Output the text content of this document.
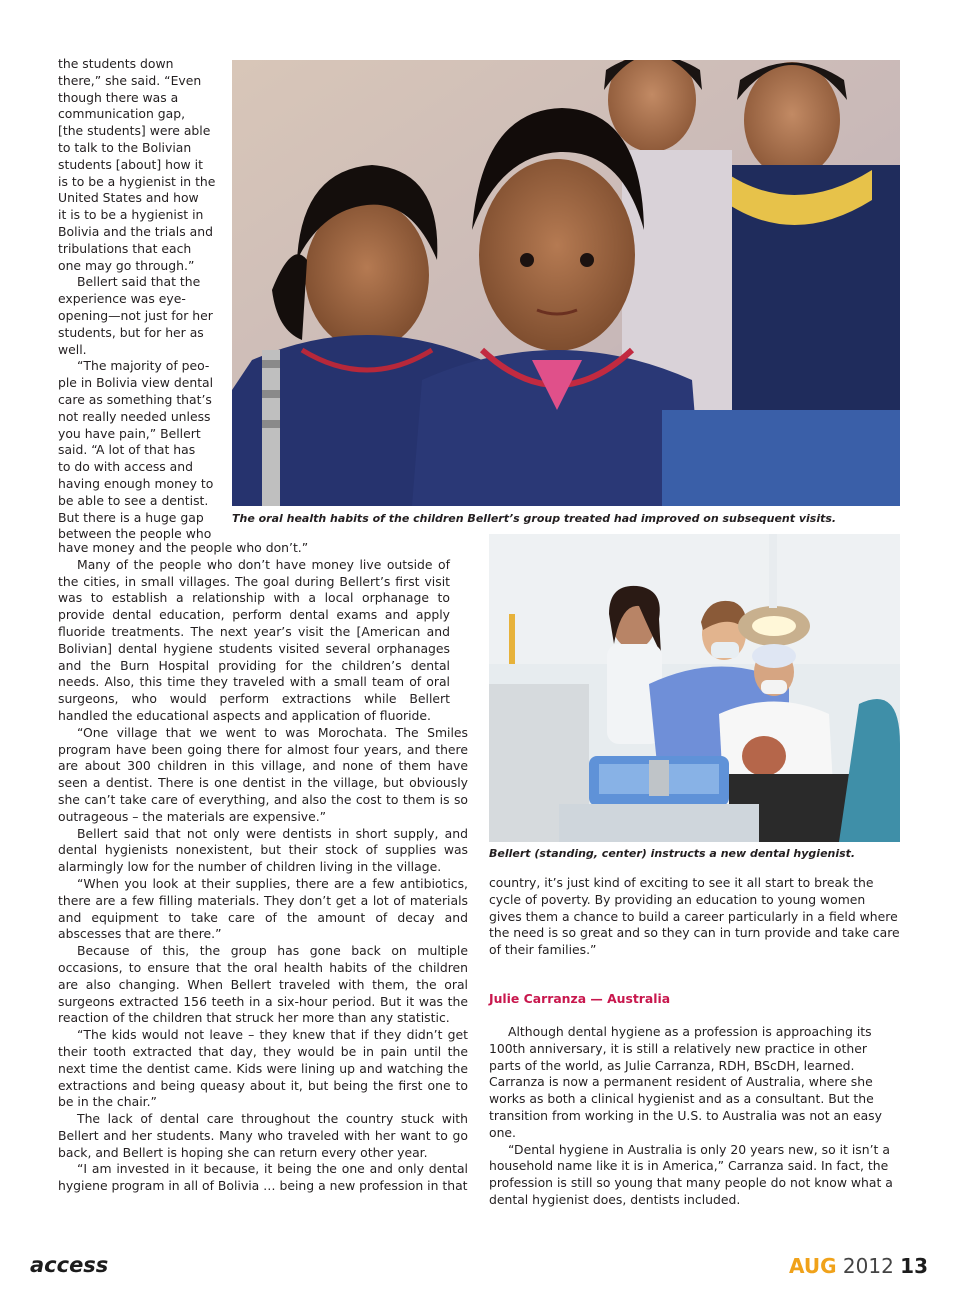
The oral health habits of the children Bellert’s group treated had improved on subsequent visits.
Bellert (standing, center) instructs a new dental hygienist.
the students down
there,” she said. “Even
though there was a
communication gap,
[the students] were able
to talk to the Bolivian
students [about] how it
is to be a hygienist in the
United States and how
it is to be a hygienist in
Bolivia and the trials and
tribulations that each
one may go through.”
Bellert said that the
experience was eye-
opening—not just for her
students, but for her as
well.
“The majority of peo-
ple in Bolivia view dental
care as something that’s
not really needed unless
you have pain,” Bellert
said. “A lot of that has
to do with access and
having enough money to
be able to see a dentist.
But there is a huge gap
between the people who

have money and the people who don’t.”

Many of the people who don’t have money live outside of the cities, in small villages. The goal during Bellert’s first visit was to establish a relationship with a local orphanage to provide dental education, perform dental exams and apply fluoride treatments. The next year’s visit the [American and Bolivian] dental hygiene students visited several orphanages and the Burn Hospital providing for the children’s dental needs. Also, this time they traveled with a small team of oral surgeons, who would perform extractions while Bellert handled the educational aspects and application of fluoride.

“One village that we went to was Morochata. The Smiles program have been going there for almost four years, and there are about 300 children in this village, and none of them have seen a dentist. There is one dentist in the village, but obviously she can’t take care of everything, and also the cost to them is so outrageous – the materials are expensive.”

Bellert said that not only were dentists in short supply, and dental hygienists nonexistent, but their stock of supplies was alarmingly low for the number of children living in the village.

“When you look at their supplies, there are a few antibiotics, there are a few filling materials. They don’t get a lot of materials and equipment to take care of the amount of decay and abscesses that are there.”

Because of this, the group has gone back on multiple occasions, to ensure that the oral health habits of the children are also changing. When Bellert traveled with them, the oral surgeons extracted 156 teeth in a six-hour period. But it was the reaction of the children that struck her more than any statistic.

“The kids would not leave – they knew that if they didn’t get their tooth extracted that day, they would be in pain until the next time the dentist came. Kids were lining up and watching the extractions and being queasy about it, but being the first one to be in the chair.”

The lack of dental care throughout the country stuck with Bellert and her students. Many who traveled with her want to go back, and Bellert is hoping she can return every other year.

“I am invested in it because, it being the one and only dental hygiene program in all of Bolivia … being a new profession in that

country, it’s just kind of exciting to see it all start to break the cycle of poverty. By providing an education to young women gives them a chance to build a career particularly in a field where the need is so great and so they can in turn provide and take care of their families.”

Julie Carranza — Australia

Although dental hygiene as a profession is approaching its 100th anniversary, it is still a relatively new practice in other parts of the world, as Julie Carranza, RDH, BScDH, learned. Carranza is now a permanent resident of Australia, where she works as both a clinical hygienist and as a consultant. But the transition from working in the U.S. to Australia was not an easy one.

“Dental hygiene in Australia is only 20 years new, so it isn’t a household name like it is in America,” Carranza said. In fact, the profession is still so young that many people do not know what a dental hygienist does, dentists included.

access	AUG 2012 13
